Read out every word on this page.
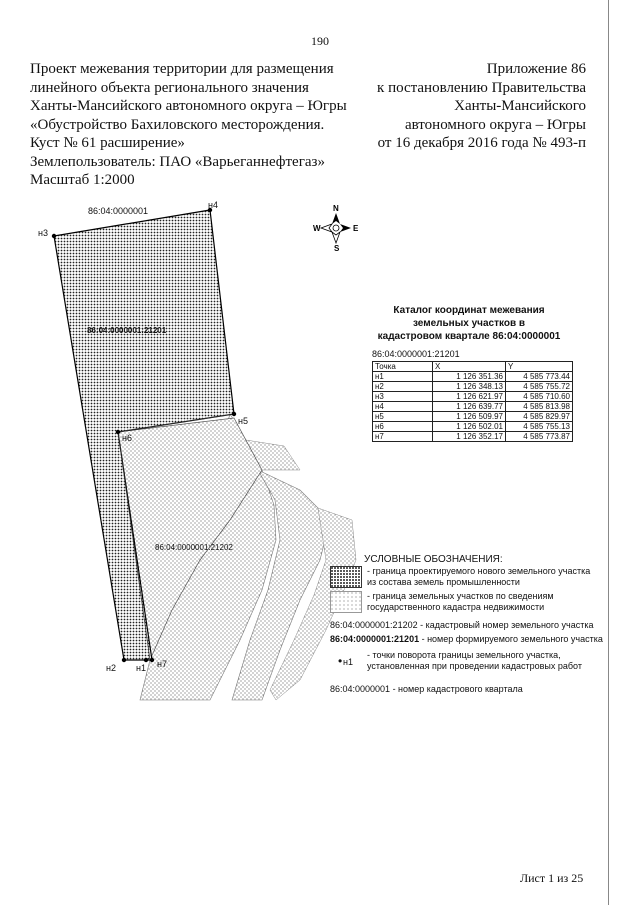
190
Проект межевания территории для размещения
линейного объекта регионального значения
Ханты-Мансийского автономного округа – Югры
«Обустройство Бахиловского месторождения.
Куст № 61 расширение»
Землепользователь: ПАО «Варьеганнефтегаз»
Масштаб 1:2000
Приложение 86
к постановлению Правительства
Ханты-Мансийского
автономного округа – Югры
от 16 декабря 2016 года № 493-п
н3
н4
н5
н6
н2 н1 н7
86:04:0000001
86:04:0000001:21201
86:04:0000001:21202
N
S
W	E
Каталог координат межевания
земельных участков в
кадастровом квартале 86:04:0000001
86:04:0000001:21201
Точка	X	Y
н1	1 126 351.36	4 585 773.44
н2	1 126 348.13	4 585 755.72
н3	1 126 621.97	4 585 710.60
н4	1 126 639.77	4 585 813.98
н5	1 126 509.97	4 585 829.97
н6	1 126 502.01	4 585 755.13
н7	1 126 352.17	4 585 773.87
УСЛОВНЫЕ ОБОЗНАЧЕНИЯ:
- граница проектируемого нового земельного участка
из состава земель промышленности
- граница земельных участков по сведениям
государственного кадастра недвижимости
86:04:0000001:21202 - кадастровый номер земельного участка
86:04:0000001:21201 - номер формируемого земельного участка
• н1
- точки поворота границы земельного участка,
установленная при проведении кадастровых работ
86:04:0000001 - номер кадастрового квартала
Лист 1 из 25
